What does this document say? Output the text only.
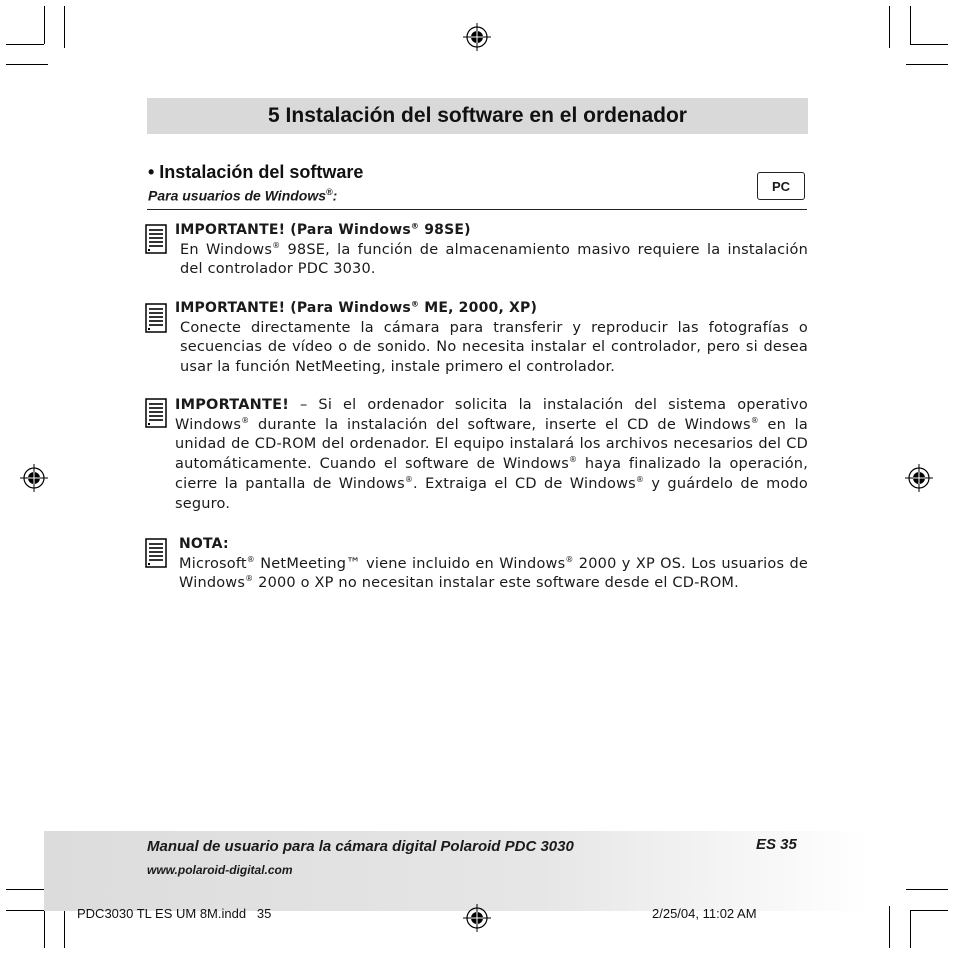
5 Instalación del software en el ordenador
• Instalación del software
Para usuarios de Windows®:
PC
IMPORTANTE! (Para Windows® 98SE)
En Windows® 98SE, la función de almacenamiento masivo requiere la instalación del controlador PDC 3030.
IMPORTANTE! (Para Windows® ME, 2000, XP)
Conecte directamente la cámara para transferir y reproducir las fotografías o secuencias de vídeo o de sonido. No necesita instalar el controlador, pero si desea usar la función NetMeeting, instale primero el controlador.
IMPORTANTE! – Si el ordenador solicita la instalación del sistema operativo Windows® durante la instalación del software, inserte el CD de Windows® en la unidad de CD-ROM del ordenador. El equipo instalará los archivos necesarios del CD automáticamente. Cuando el software de Windows® haya finalizado la operación, cierre la pantalla de Windows®. Extraiga el CD de Windows® y guárdelo de modo seguro.
NOTA:
Microsoft® NetMeeting™ viene incluido en Windows® 2000 y XP OS. Los usuarios de Windows® 2000 o XP no necesitan instalar este software desde el CD-ROM.
Manual de usuario para la cámara digital Polaroid PDC 3030	ES 35
www.polaroid-digital.com
PDC3030 TL ES UM 8M.indd   35	2/25/04, 11:02 AM
